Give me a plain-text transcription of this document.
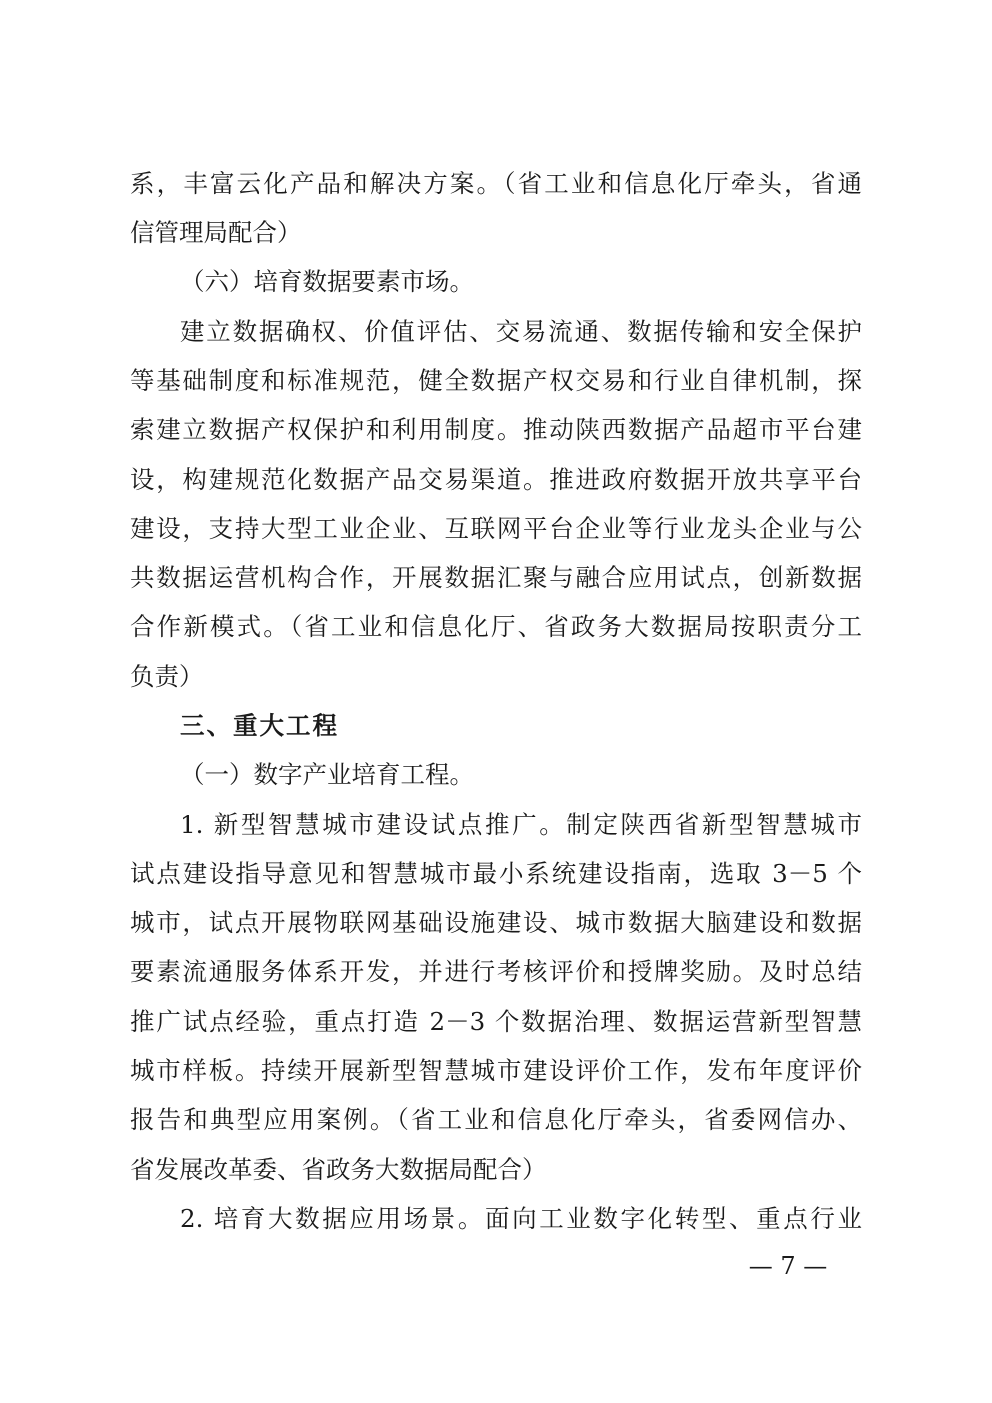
系，丰富云化产品和解决方案。（省工业和信息化厅牵头，省通
信管理局配合）
（六）培育数据要素市场。
建立数据确权、价值评估、交易流通、数据传输和安全保护
等基础制度和标准规范，健全数据产权交易和行业自律机制，探
索建立数据产权保护和利用制度。推动陕西数据产品超市平台建
设，构建规范化数据产品交易渠道。推进政府数据开放共享平台
建设，支持大型工业企业、互联网平台企业等行业龙头企业与公
共数据运营机构合作，开展数据汇聚与融合应用试点，创新数据
合作新模式。（省工业和信息化厅、省政务大数据局按职责分工
负责）
三、重大工程
（一）数字产业培育工程。
1. 新型智慧城市建设试点推广。制定陕西省新型智慧城市
试点建设指导意见和智慧城市最小系统建设指南，选取 3－5 个
城市，试点开展物联网基础设施建设、城市数据大脑建设和数据
要素流通服务体系开发，并进行考核评价和授牌奖励。及时总结
推广试点经验，重点打造 2－3 个数据治理、数据运营新型智慧
城市样板。持续开展新型智慧城市建设评价工作，发布年度评价
报告和典型应用案例。（省工业和信息化厅牵头，省委网信办、
省发展改革委、省政务大数据局配合）
2. 培育大数据应用场景。面向工业数字化转型、重点行业
— 7 —
